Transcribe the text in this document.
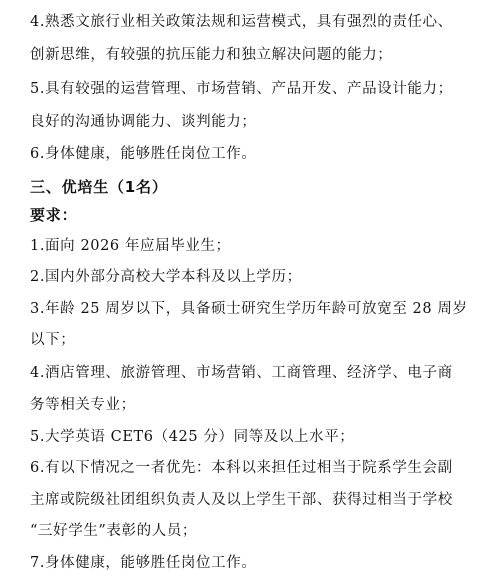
4.熟悉文旅行业相关政策法规和运营模式，具有强烈的责任心、
创新思维，有较强的抗压能力和独立解决问题的能力；
5.具有较强的运营管理、市场营销、产品开发、产品设计能力；
良好的沟通协调能力、谈判能力；
6.身体健康，能够胜任岗位工作。
三、优培生（1名）
要求：
1.面向 2026 年应届毕业生；
2.国内外部分高校大学本科及以上学历；
3.年龄 25 周岁以下，具备硕士研究生学历年龄可放宽至 28 周岁
以下；
4.酒店管理、旅游管理、市场营销、工商管理、经济学、电子商
务等相关专业；
5.大学英语 CET6（425 分）同等及以上水平；
6.有以下情况之一者优先：本科以来担任过相当于院系学生会副
主席或院级社团组织负责人及以上学生干部、获得过相当于学校
“三好学生”表彰的人员；
7.身体健康，能够胜任岗位工作。
